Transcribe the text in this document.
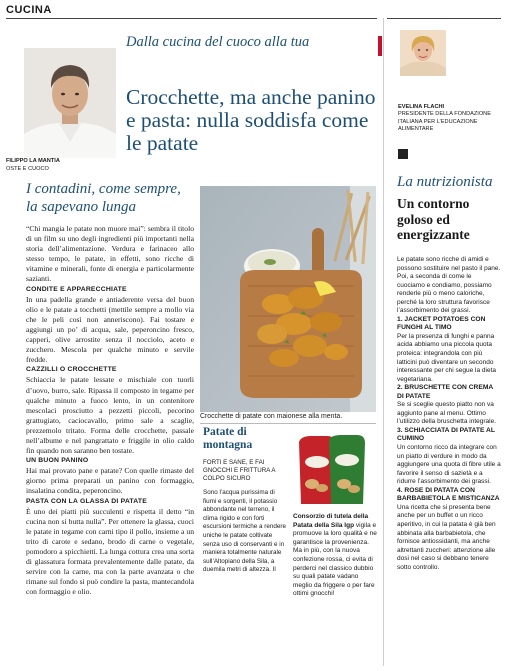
CUCINA
Dalla cucina del cuoco alla tua
FILIPPO LA MANTIA
OSTE E CUOCO
Crocchette, ma anche panino e pasta: nulla soddisfa come le patate
I contadini, come sempre, la sapevano lunga

“Chi mangia le patate non muore mai”: sembra il titolo di un film su uno degli ingredienti più importanti nella storia dell’alimentazione. Verdura e farinaceo allo stesso tempo, le patate, in effetti, sono ricche di vitamine e minerali, fonte di energia e particolarmente sazianti.

CONDITE E APPARECCHIATE

In una padella grande e antiaderente versa del buon olio e le patate a tocchetti (mettile sempre a mollo via che le peli così non anneriscono). Fai tostare e aggiungi un po’ di acqua, sale, peperoncino fresco, capperi, olive arrostite senza il nocciolo, aceto e zucchero. Mescola per qualche minuto e servile fredde.

CAZZILLI O CROCCHETTE

Schiaccia le patate lessate e mischiale con tuorli d’uovo, burro, sale. Ripassa il composto in tegame per qualche minuto a fuoco lento, in un contenitore mescolaci prosciutto a pezzetti piccoli, pecorino grattugiato, caciocavallo, primo sale a scaglie, prezzemolo tritato. Forma delle crocchette, passale nell’albume e nel pangrattato e friggile in olio caldo fin quando non saranno ben tostate.

UN BUON PANINO

Hai mai provato pane e patate? Con quelle rimaste del giorno prima preparati un panino con formaggio, insalatina condita, peperoncino.

PASTA CON LA GLASSA DI PATATE

È uno dei piatti più succulenti e rispetta il detto “in cucina non si butta nulla”. Per ottenere la glassa, cuoci le patate in tegame con carni tipo il pollo, insieme a un trito di carote e sedano, brodo di carne o vegetale, pomodoro a spicchietti. La lunga cottura crea una sorta di glassatura formata prevalentemente dalle patate, da servire con la carne, ma con la parte avanzata o che rimane sul fondo si può condire la pasta, mantecandola con formaggio e olio.

Crocchette di patate con maionese alla menta.
Patate di montagna
FORTI E SANE, E FAI GNOCCHI E FRITTURA A COLPO SICURO
Sono l’acqua purissima di fiumi e sorgenti, il potassio abbondante nel terreno, il clima rigido e con forti escursioni termiche a rendere uniche le patate coltivate senza uso di conservanti e in maniera totalmente naturale sull’Altopiano della Sila, a duemila metri di altezza. Il
Consorzio di tutela della Patata della Sila Igp vigila e promuove la loro qualità e ne garantisce la provenienza. Ma in più, con la nuova confezione rossa, ci evita di perderci nel classico dubbio su quali patate vadano meglio da friggere o per fare ottimi gnocchi!
EVELINA FLACHI
PRESIDENTE DELLA FONDAZIONE ITALIANA PER L’EDUCAZIONE ALIMENTARE
La nutrizionista
Un contorno goloso ed energizzante

Le patate sono ricche di amidi e possono sostituire nel pasto il pane. Poi, a seconda di come le cuociamo e condiamo, possiamo renderle più o meno caloriche, perché la loro struttura favorisce l’assorbimento dei grassi.

1. JACKET POTATOES CON FUNGHI AL TIMO

Per la presenza di funghi e panna acida abbiamo una piccola quota proteica: integrandola con più latticini può diventare un secondo interessante per chi segue la dieta vegetariana.

2. BRUSCHETTE CON CREMA DI PATATE

Se si sceglie questo piatto non va aggiunto pane al menu. Ottimo l’utilizzo della bruschetta integrale.

3. SCHIACCIATA DI PATATE AL CUMINO

Un contorno ricco da integrare con un piatto di verdure in modo da aggiungere una quota di fibre utile a favorire il senso di sazietà e a ridurre l’assorbimento dei grassi.

4. ROSE DI PATATA CON BARBABIETOLA E MISTICANZA

Una ricetta che si presenta bene anche per un buffet o un ricco aperitivo, in cui la patata è già ben abbinata alla barbabietola, che fornisce antiossidanti, ma anche altrettanti zuccheri: attenzione alle dosi nel caso si debbano tenere sotto controllo.
